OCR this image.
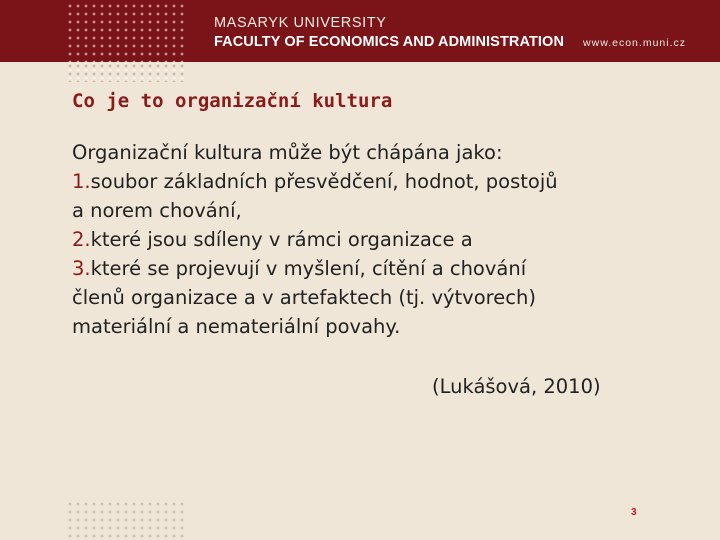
MASARYK UNIVERSITY
FACULTY OF ECONOMICS AND ADMINISTRATION www.econ.muni.cz
Co je to organizační kultura
Organizační kultura může být chápána jako:
1.soubor základních přesvědčení, hodnot, postojů
a norem chování,
2.které jsou sdíleny v rámci organizace a
3.které se projevují v myšlení, cítění a chování
členů organizace a v artefaktech (tj. výtvorech)
materiální a nemateriální povahy.
(Lukášová, 2010)
3
